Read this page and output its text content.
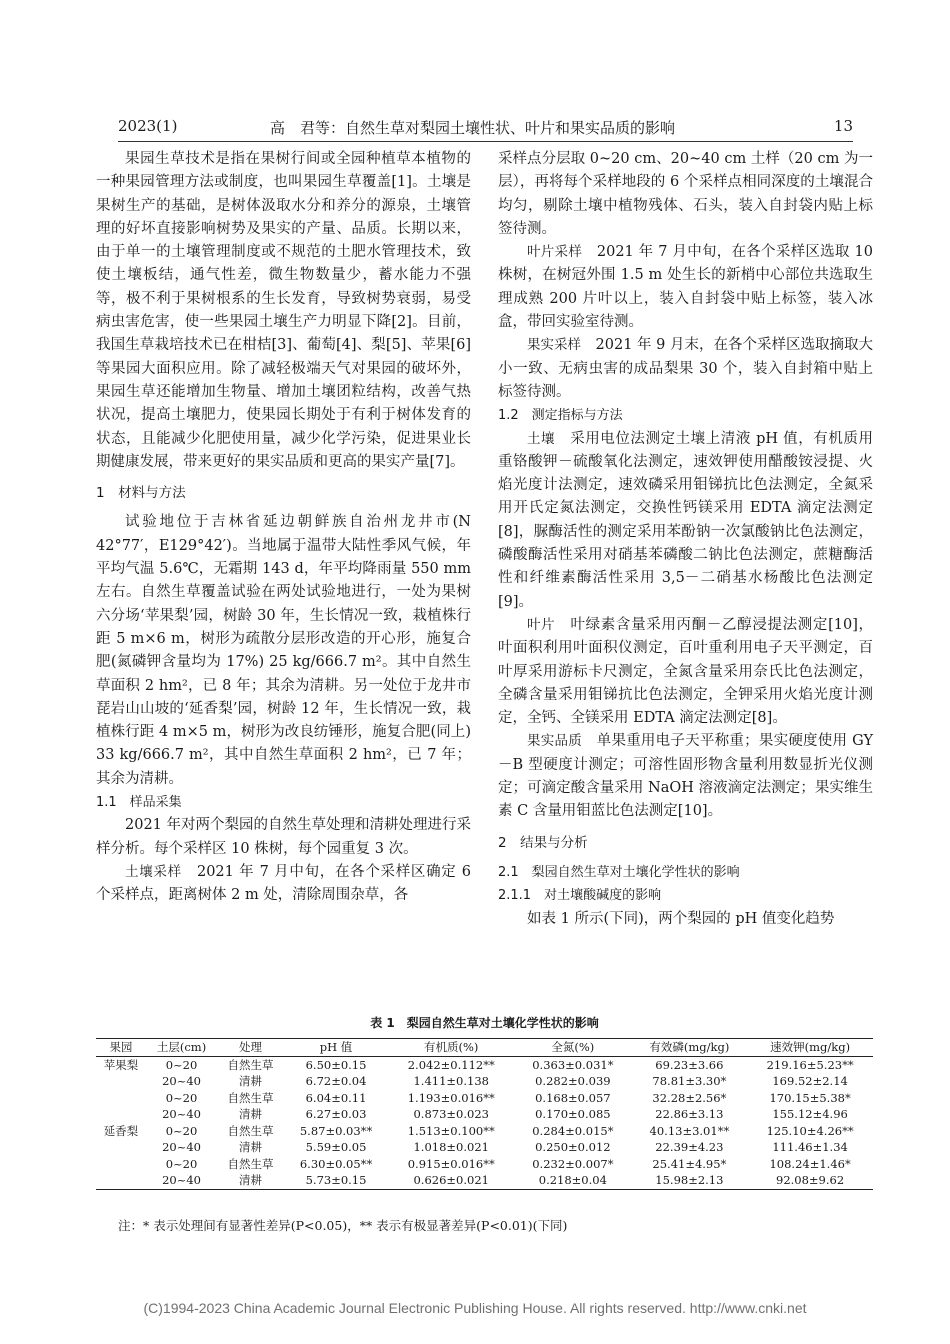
2023(1)	高　君等：自然生草对梨园土壤性状、叶片和果实品质的影响	13

果园生草技术是指在果树行间或全园种植草本植物的一种果园管理方法或制度，也叫果园生草覆盖[1]。土壤是果树生产的基础，是树体汲取水分和养分的源泉，土壤管理的好坏直接影响树势及果实的产量、品质。长期以来，由于单一的土壤管理制度或不规范的土肥水管理技术，致使土壤板结，通气性差，微生物数量少，蓄水能力不强等，极不利于果树根系的生长发育，导致树势衰弱，易受病虫害危害，使一些果园土壤生产力明显下降[2]。目前，我国生草栽培技术已在柑桔[3]、葡萄[4]、梨[5]、苹果[6]等果园大面积应用。除了减轻极端天气对果园的破坏外，果园生草还能增加生物量、增加土壤团粒结构，改善气热状况，提高土壤肥力，使果园长期处于有利于树体发育的状态，且能减少化肥使用量，减少化学污染，促进果业长期健康发展，带来更好的果实品质和更高的果实产量[7]。

1　材料与方法

试验地位于吉林省延边朝鲜族自治州龙井市(N 42°77′，E129°42′)。当地属于温带大陆性季风气候，年平均气温 5.6℃，无霜期 143 d，年平均降雨量 550 mm 左右。自然生草覆盖试验在两处试验地进行，一处为果树六分场‘苹果梨’园，树龄 30 年，生长情况一致，栽植株行距 5 m×6 m，树形为疏散分层形改造的开心形，施复合肥(氮磷钾含量均为 17%) 25 kg/666.7 m²。其中自然生草面积 2 hm²，已 8 年；其余为清耕。另一处位于龙井市琵岩山山坡的‘延香梨’园，树龄 12 年，生长情况一致，栽植株行距 4 m×5 m，树形为改良纺锤形，施复合肥(同上) 33 kg/666.7 m²，其中自然生草面积 2 hm²，已 7 年；其余为清耕。

1.1　样品采集

2021 年对两个梨园的自然生草处理和清耕处理进行采样分析。每个采样区 10 株树，每个园重复 3 次。

土壤采样　 2021 年 7 月中旬，在各个采样区确定 6 个采样点，距离树体 2 m 处，清除周围杂草，各

采样点分层取 0~20 cm、20~40 cm 土样（20 cm 为一层），再将每个采样地段的 6 个采样点相同深度的土壤混合均匀，剔除土壤中植物残体、石头，装入自封袋内贴上标签待测。

叶片采样　 2021 年 7 月中旬，在各个采样区选取 10 株树，在树冠外围 1.5 m 处生长的新梢中心部位共选取生理成熟 200 片叶以上，装入自封袋中贴上标签，装入冰盒，带回实验室待测。

果实采样　 2021 年 9 月末，在各个采样区选取摘取大小一致、无病虫害的成品梨果 30 个，装入自封箱中贴上标签待测。

1.2　测定指标与方法

土壤　 采用电位法测定土壤上清液 pH 值，有机质用重铬酸钾－硫酸氧化法测定，速效钾使用醋酸铵浸提、火焰光度计法测定，速效磷采用钼锑抗比色法测定，全氮采用开氏定氮法测定，交换性钙镁采用 EDTA 滴定法测定[8]，脲酶活性的测定采用苯酚钠一次氯酸钠比色法测定，磷酸酶活性采用对硝基苯磷酸二钠比色法测定，蔗糖酶活性和纤维素酶活性采用 3,5－二硝基水杨酸比色法测定[9]。

叶片　 叶绿素含量采用丙酮－乙醇浸提法测定[10]，叶面积利用叶面积仪测定，百叶重利用电子天平测定，百叶厚采用游标卡尺测定，全氮含量采用奈氏比色法测定，全磷含量采用钼锑抗比色法测定，全钾采用火焰光度计测定，全钙、全镁采用 EDTA 滴定法测定[8]。

果实品质　 单果重用电子天平称重；果实硬度使用 GY－B 型硬度计测定；可溶性固形物含量利用数显折光仪测定；可滴定酸含量采用 NaOH 溶液滴定法测定；果实维生素 C 含量用钼蓝比色法测定[10]。

2　结果与分析

2.1　梨园自然生草对土壤化学性状的影响

2.1.1　对土壤酸碱度的影响

如表 1 所示(下同)，两个梨园的 pH 值变化趋势

表 1　梨园自然生草对土壤化学性状的影响
果园	土层(cm)	处理	pH 值	有机质(%)	全氮(%)	有效磷(mg/kg)	速效钾(mg/kg)
苹果梨	0~20	自然生草	6.50±0.15	2.042±0.112**	0.363±0.031*	69.23±3.66	219.16±5.23**
	20~40	清耕	6.72±0.04	1.411±0.138	0.282±0.039	78.81±3.30*	169.52±2.14
	0~20	自然生草	6.04±0.11	1.193±0.016**	0.168±0.057	32.28±2.56*	170.15±5.38*
	20~40	清耕	6.27±0.03	0.873±0.023	0.170±0.085	22.86±3.13	155.12±4.96
延香梨	0~20	自然生草	5.87±0.03**	1.513±0.100**	0.284±0.015*	40.13±3.01**	125.10±4.26**
	20~40	清耕	5.59±0.05	1.018±0.021	0.250±0.012	22.39±4.23	111.46±1.34
	0~20	自然生草	6.30±0.05**	0.915±0.016**	0.232±0.007*	25.41±4.95*	108.24±1.46*
	20~40	清耕	5.73±0.15	0.626±0.021	0.218±0.04	15.98±2.13	92.08±9.62
注：* 表示处理间有显著性差异(P<0.05)，** 表示有极显著差异(P<0.01)(下同)
(C)1994-2023 China Academic Journal Electronic Publishing House. All rights reserved. http://www.cnki.net
